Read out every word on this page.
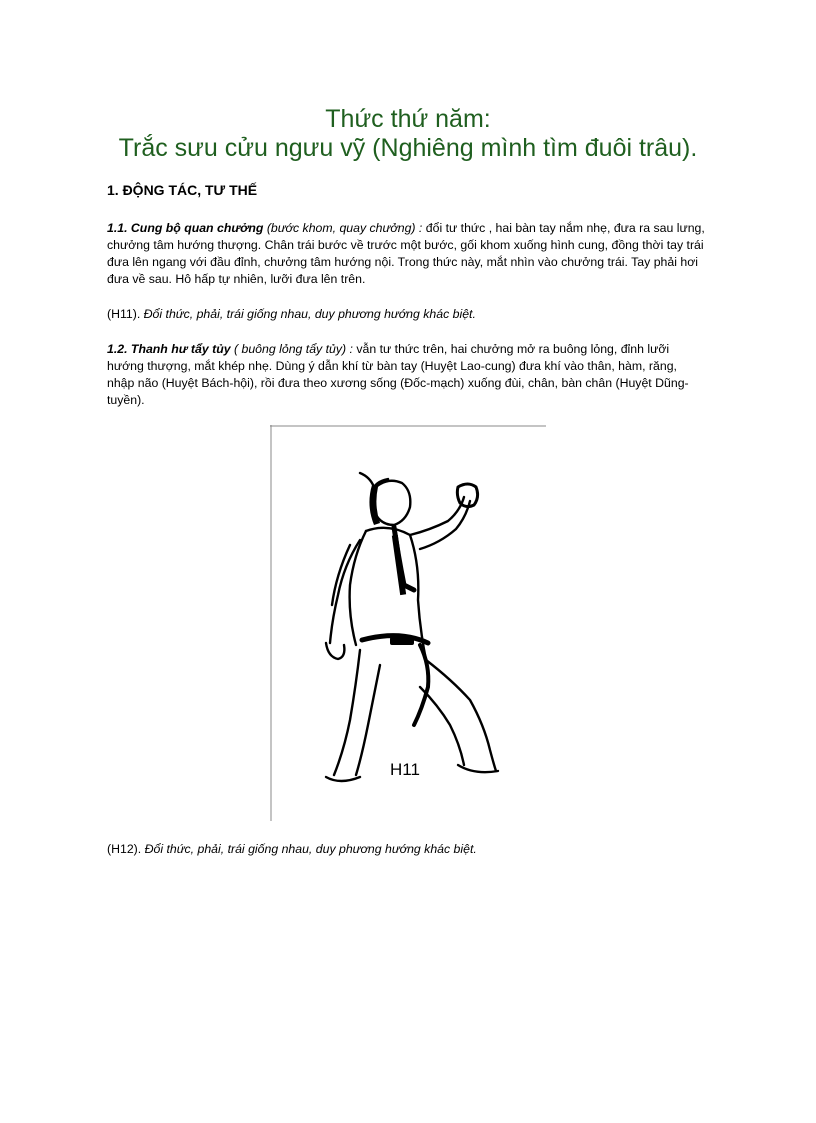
Thức thứ năm:
Trắc sưu cửu ngưu vỹ (Nghiêng mình tìm đuôi trâu).
1. ĐỘNG TÁC, TƯ THẾ

1.1. Cung bộ quan chưởng (bước khom, quay chưởng) : đổi tư thức , hai bàn tay nắm nhẹ, đưa ra sau lưng, chưởng tâm hướng thượng. Chân trái bước về trước một bước, gối khom xuống hình cung, đồng thời tay trái đưa lên ngang với đầu đỉnh, chưởng tâm hướng nội. Trong thức này, mắt nhìn vào chưởng trái. Tay phải hơi đưa về sau. Hô hấp tự nhiên, lưỡi đưa lên trên.

(H11). Đổi thức, phải, trái giống nhau, duy phương hướng khác biệt.

1.2. Thanh hư tẩy tủy ( buông lỏng tẩy tủy) : vẫn tư thức trên, hai chưởng mở ra buông lỏng, đỉnh lưỡi hướng thượng, mắt khép nhẹ. Dùng ý dẫn khí từ bàn tay (Huyệt Lao-cung) đưa khí vào thân, hàm, răng, nhập não (Huyệt Bách-hội), rồi đưa theo xương sống (Đốc-mạch) xuống đùi, chân, bàn chân (Huyệt Dũng-tuyền).

H11

(H12). Đổi thức, phải, trái giống nhau, duy phương hướng khác biệt.
